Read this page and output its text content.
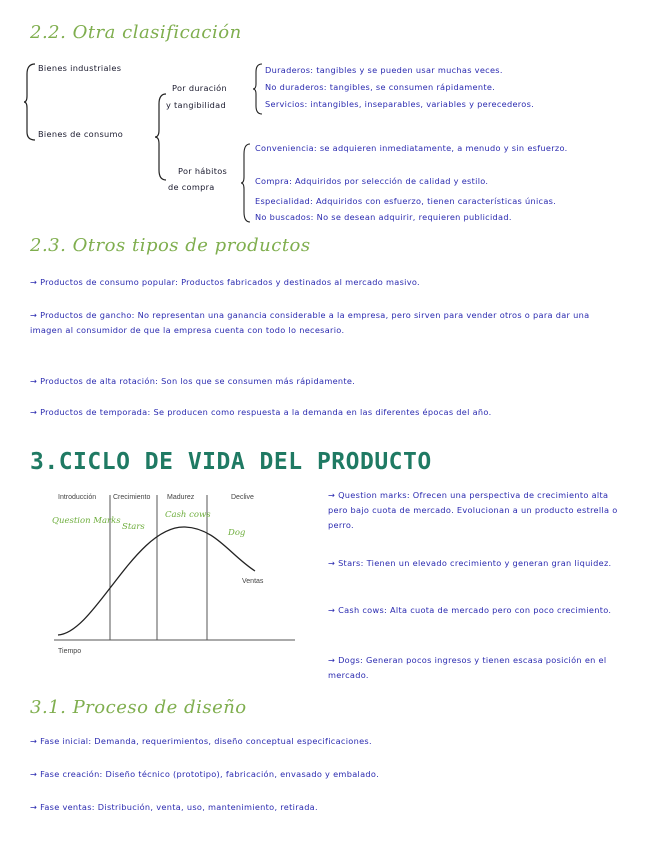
2.2. Otra clasificación
Bienes industriales
Bienes de consumo
Por duración
y tangibilidad
Duraderos: tangibles y se pueden usar muchas veces.
No duraderos: tangibles, se consumen rápidamente.
Servicios: intangibles, inseparables, variables y perecederos.
Por hábitos
de compra
Conveniencia: se adquieren inmediatamente, a menudo y sin esfuerzo.
Compra: Adquiridos por selección de calidad y estilo.
Especialidad: Adquiridos con esfuerzo, tienen características únicas.
No buscados: No se desean adquirir, requieren publicidad.
2.3. Otros tipos de productos
→ Productos de consumo popular: Productos fabricados y destinados al mercado masivo.
→ Productos de gancho: No representan una ganancia considerable a la empresa, pero sirven para vender otros o para dar una imagen al consumidor de que la empresa cuenta con todo lo necesario.
→ Productos de alta rotación: Son los que se consumen más rápidamente.
→ Productos de temporada: Se producen como respuesta a la demanda en las diferentes épocas del año.
3.CICLO DE VIDA DEL PRODUCTO
Introducción Crecimiento Madurez	Declive
Question Marks
Stars
Cash cows
Dog
Ventas
Tiempo
→ Question marks: Ofrecen una perspectiva de crecimiento alta pero bajo cuota de mercado. Evolucionan a un producto estrella o perro.
→ Stars: Tienen un elevado crecimiento y generan gran liquidez.
→ Cash cows: Alta cuota de mercado pero con poco crecimiento.
→ Dogs: Generan pocos ingresos y tienen escasa posición en el mercado.
3.1. Proceso de diseño
→ Fase inicial: Demanda, requerimientos, diseño conceptual especificaciones.
→ Fase creación: Diseño técnico (prototipo), fabricación, envasado y embalado.
→ Fase ventas: Distribución, venta, uso, mantenimiento, retirada.
